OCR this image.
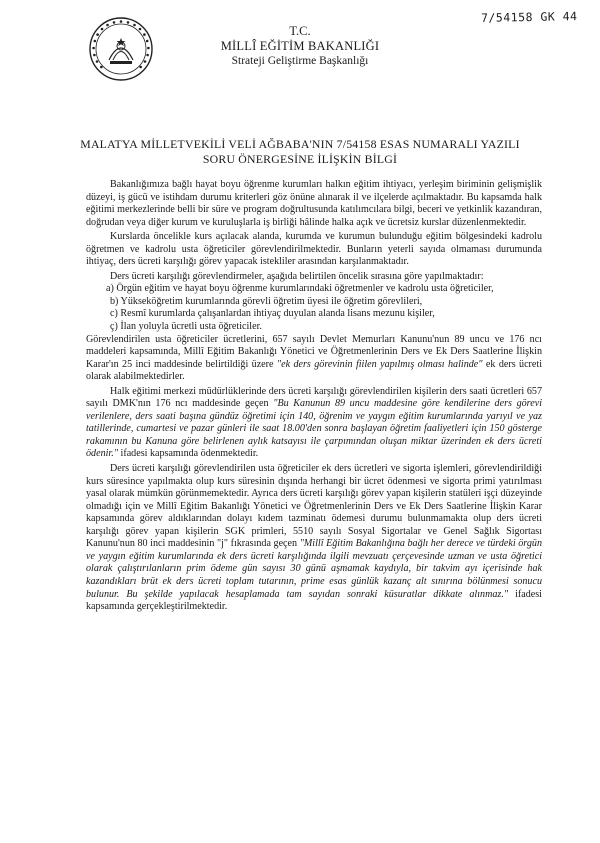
7/54158 GK 44
T.C.
MİLLÎ EĞİTİM BAKANLIĞI
Strateji Geliştirme Başkanlığı
MALATYA MİLLETVEKİLİ VELİ AĞBABA'NIN 7/54158 ESAS NUMARALI YAZILI
SORU ÖNERGESİNE İLİŞKİN BİLGİ

Bakanlığımıza bağlı hayat boyu öğrenme kurumları halkın eğitim ihtiyacı, yerleşim biriminin gelişmişlik düzeyi, iş gücü ve istihdam durumu kriterleri göz önüne alınarak il ve ilçelerde açılmaktadır. Bu kapsamda halk eğitimi merkezlerinde belli bir süre ve program doğrultusunda katılımcılara bilgi, beceri ve yetkinlik kazandıran, doğrudan veya diğer kurum ve kuruluşlarla iş birliği hâlinde halka açık ve ücretsiz kurslar düzenlenmektedir.

Kurslarda öncelikle kurs açılacak alanda, kurumda ve kurumun bulunduğu eğitim bölgesindeki kadrolu öğretmen ve kadrolu usta öğreticiler görevlendirilmektedir. Bunların yeterli sayıda olmaması durumunda ihtiyaç, ders ücreti karşılığı görev yapacak istekliler arasından karşılanmaktadır.

Ders ücreti karşılığı görevlendirmeler, aşağıda belirtilen öncelik sırasına göre yapılmaktadır:

a) Örgün eğitim ve hayat boyu öğrenme kurumlarındaki öğretmenler ve kadrolu usta öğreticiler,

b) Yükseköğretim kurumlarında görevli öğretim üyesi ile öğretim görevlileri,

c) Resmî kurumlarda çalışanlardan ihtiyaç duyulan alanda lisans mezunu kişiler,

ç) İlan yoluyla ücretli usta öğreticiler.

Görevlendirilen usta öğreticiler ücretlerini, 657 sayılı Devlet Memurları Kanunu'nun 89 uncu ve 176 ncı maddeleri kapsamında, Millî Eğitim Bakanlığı Yönetici ve Öğretmenlerinin Ders ve Ek Ders Saatlerine İlişkin Karar'ın 25 inci maddesinde belirtildiği üzere "ek ders görevinin fiilen yapılmış olması halinde" ek ders ücreti olarak alabilmektedirler.

Halk eğitimi merkezi müdürlüklerinde ders ücreti karşılığı görevlendirilen kişilerin ders saati ücretleri 657 sayılı DMK'nın 176 ncı maddesinde geçen "Bu Kanunun 89 uncu maddesine göre kendilerine ders görevi verilenlere, ders saati başına gündüz öğretimi için 140, öğrenim ve yaygın eğitim kurumlarında yarıyıl ve yaz tatillerinde, cumartesi ve pazar günleri ile saat 18.00'den sonra başlayan öğretim faaliyetleri için 150 gösterge rakamının bu Kanuna göre belirlenen aylık katsayısı ile çarpımından oluşan miktar üzerinden ek ders ücreti ödenir." ifadesi kapsamında ödenmektedir.

Ders ücreti karşılığı görevlendirilen usta öğreticiler ek ders ücretleri ve sigorta işlemleri, görevlendirildiği kurs süresince yapılmakta olup kurs süresinin dışında herhangi bir ücret ödenmesi ve sigorta primi yatırılması yasal olarak mümkün görünmemektedir. Ayrıca ders ücreti karşılığı görev yapan kişilerin statüleri işçi düzeyinde olmadığı için ve Millî Eğitim Bakanlığı Yönetici ve Öğretmenlerinin Ders ve Ek Ders Saatlerine İlişkin Karar kapsamında görev aldıklarından dolayı kıdem tazminatı ödemesi durumu bulunmamakta olup ders ücreti karşılığı görev yapan kişilerin SGK primleri, 5510 sayılı Sosyal Sigortalar ve Genel Sağlık Sigortası Kanunu'nun 80 inci maddesinin "j" fıkrasında geçen "Millî Eğitim Bakanlığına bağlı her derece ve türdeki örgün ve yaygın eğitim kurumlarında ek ders ücreti karşılığında ilgili mevzuatı çerçevesinde uzman ve usta öğretici olarak çalıştırılanların prim ödeme gün sayısı 30 günü aşmamak kaydıyla, bir takvim ayı içerisinde hak kazandıkları brüt ek ders ücreti toplam tutarının, prime esas günlük kazanç alt sınırına bölünmesi sonucu bulunur. Bu şekilde yapılacak hesaplamada tam sayıdan sonraki küsuratlar dikkate alınmaz." ifadesi kapsamında gerçekleştirilmektedir.
